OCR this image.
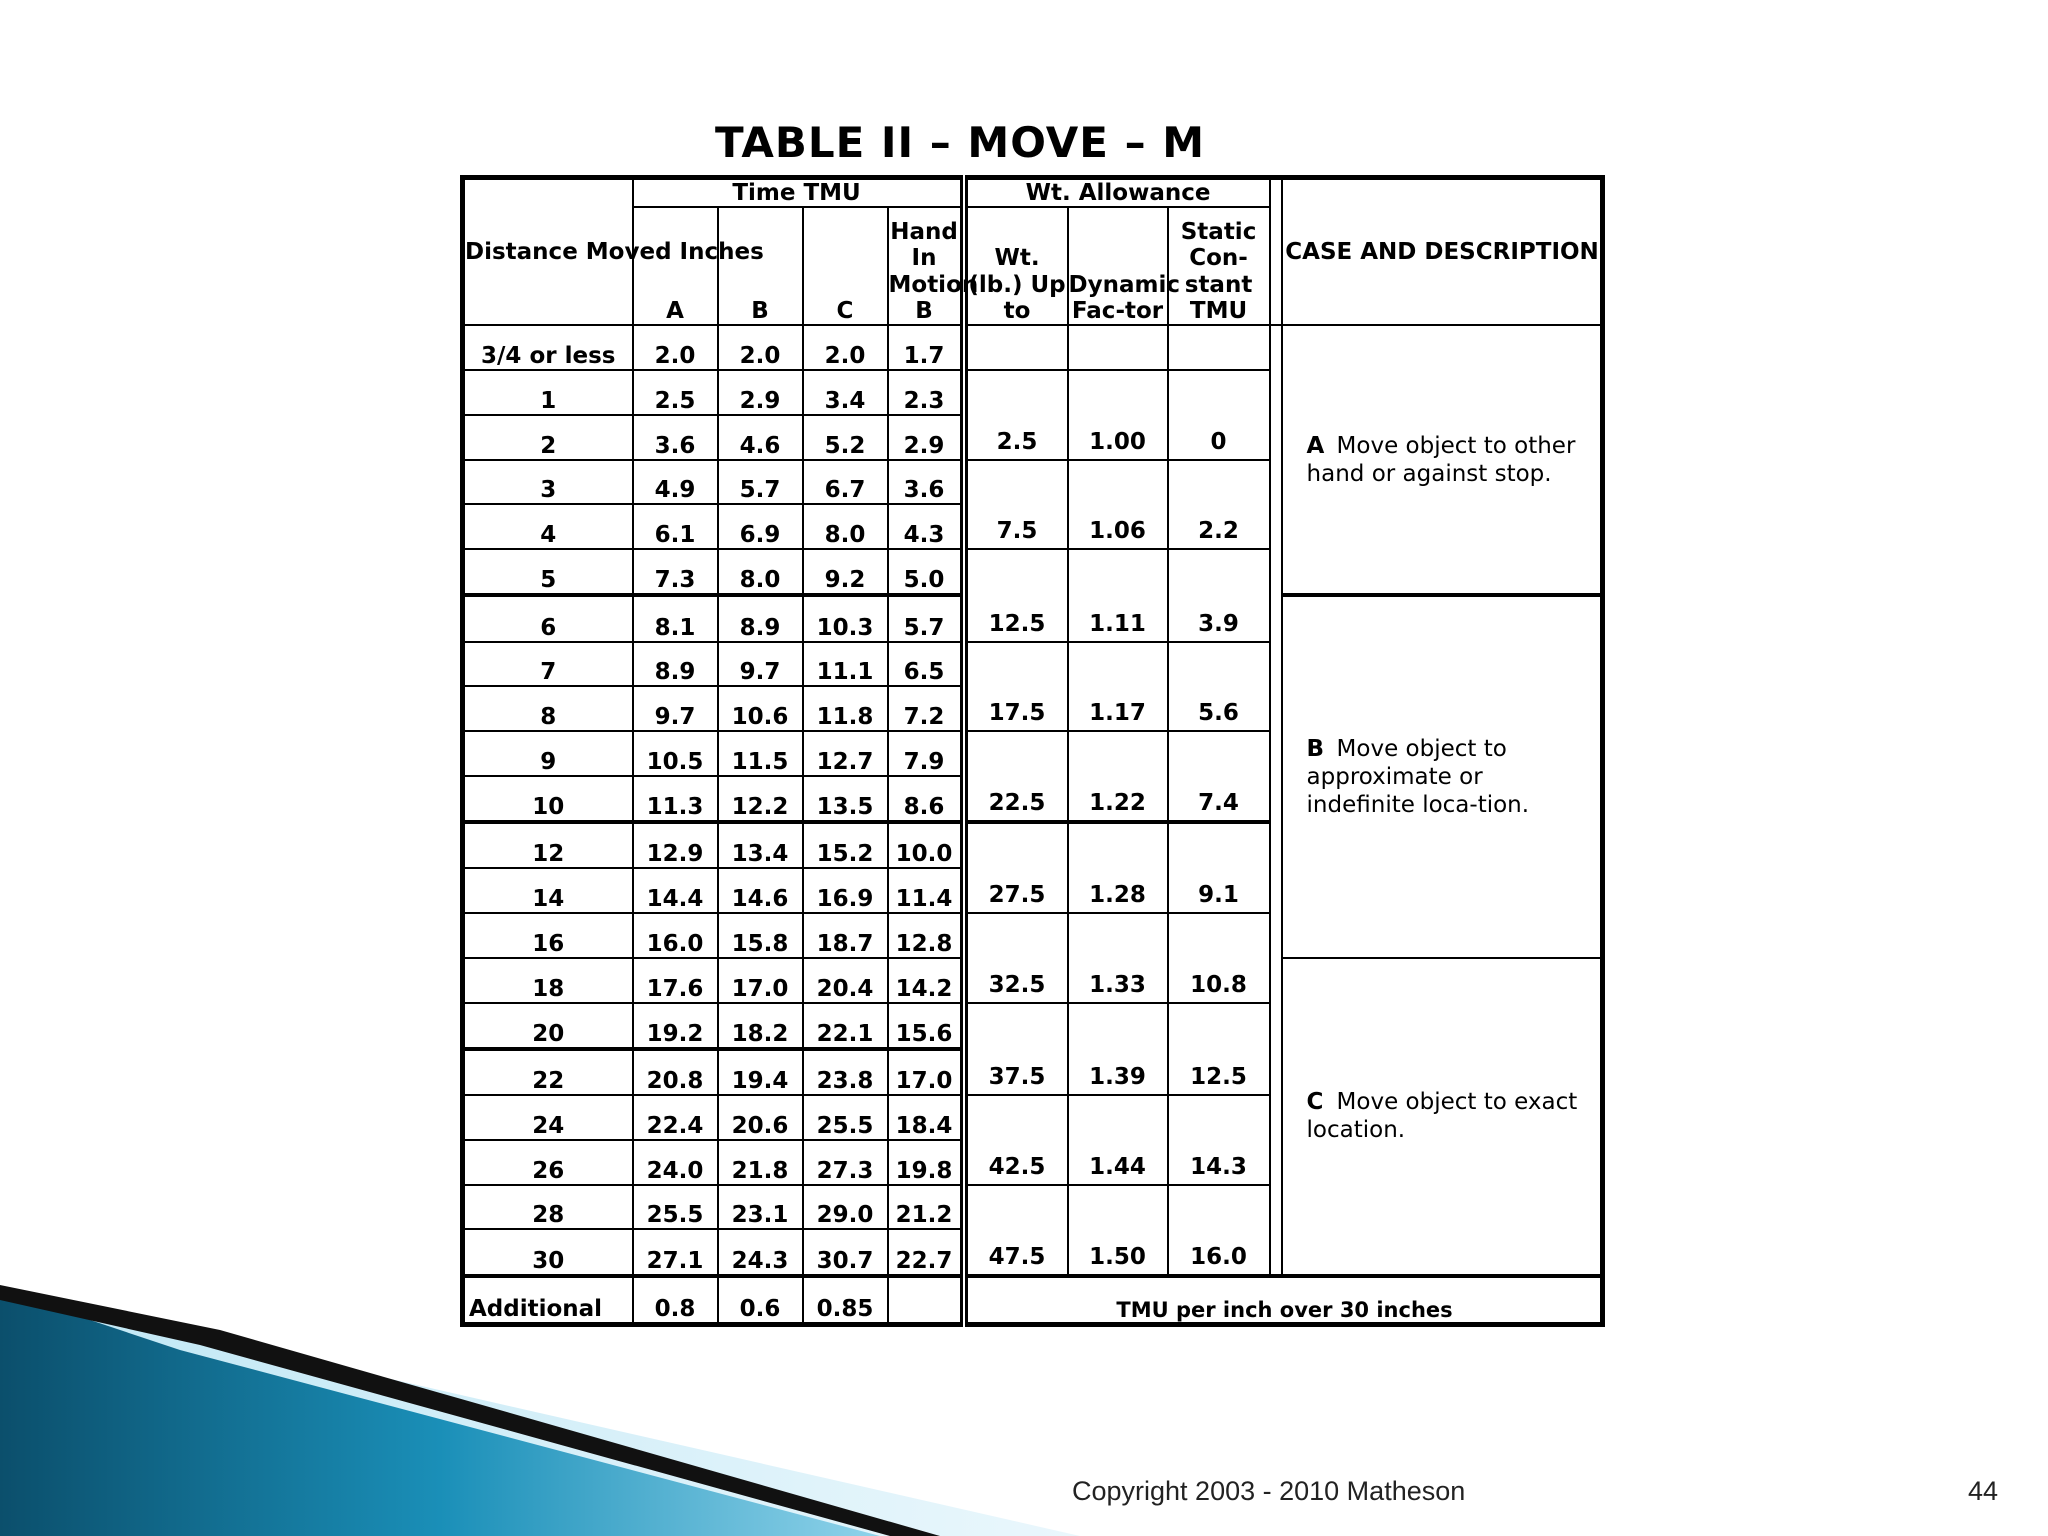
TABLE II – MOVE – M
Distance Moved Inches	Time TMU				Wt. Allowance				CASE AND DESCRIPTION	
	A	B	C	Hand In Motion B	Wt. (lb.) Up to	Dynamic Fac-tor	Static Con-stant TMU			
3/4 or less	2.0	2.0	2.0	1.7					A Move object to other hand or against stop.	
1	2.5	2.9	3.4	2.3	2.5	1.00	0			
2	3.6	4.6	5.2	2.9						
3	4.9	5.7	6.7	3.6	7.5	1.06	2.2			
4	6.1	6.9	8.0	4.3						
5	7.3	8.0	9.2	5.0	12.5	1.11	3.9			
6	8.1	8.9	10.3	5.7					B Move object to approximate or indefinite loca-tion.	
7	8.9	9.7	11.1	6.5	17.5	1.17	5.6			
8	9.7	10.6	11.8	7.2						
9	10.5	11.5	12.7	7.9	22.5	1.22	7.4			
10	11.3	12.2	13.5	8.6						
12	12.9	13.4	15.2	10.0	27.5	1.28	9.1			
14	14.4	14.6	16.9	11.4						
16	16.0	15.8	18.7	12.8	32.5	1.33	10.8			
18	17.6	17.0	20.4	14.2					C Move object to exact location.	
20	19.2	18.2	22.1	15.6	37.5	1.39	12.5			
22	20.8	19.4	23.8	17.0						
24	22.4	20.6	25.5	18.4	42.5	1.44	14.3			
26	24.0	21.8	27.3	19.8						
28	25.5	23.1	29.0	21.2	47.5	1.50	16.0			
30	27.1	24.3	30.7	22.7						
Additional	0.8	0.6	0.85		TMU per inch over 30 inches					
Copyright 2003 - 2010 Matheson	44
